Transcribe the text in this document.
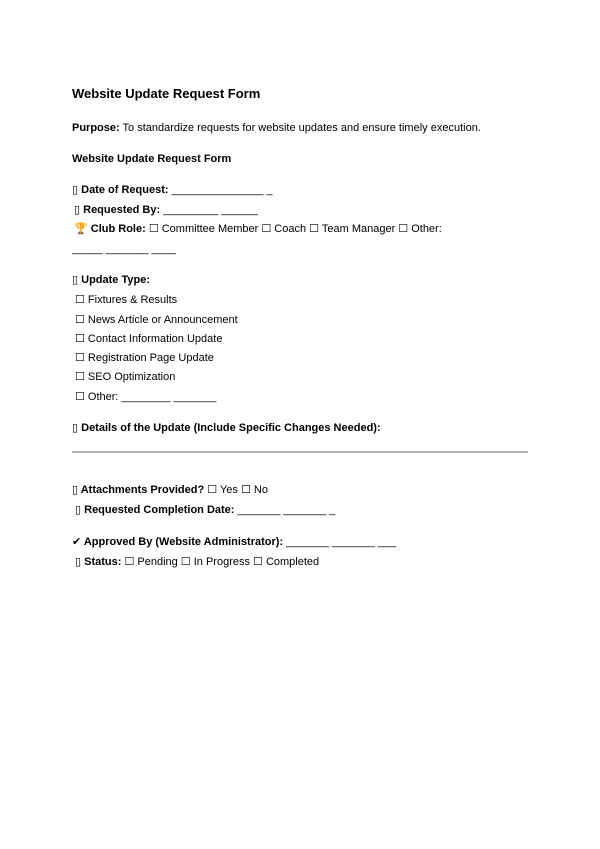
Website Update Request Form
Purpose: To standardize requests for website updates and ensure timely execution.
Website Update Request Form
▯ Date of Request: _______________ _
▯ Requested By: _________ ______
🏆 Club Role: ☐ Committee Member ☐ Coach ☐ Team Manager ☐ Other:
_____ _______ ____
▯ Update Type:
☐ Fixtures & Results
☐ News Article or Announcement
☐ Contact Information Update
☐ Registration Page Update
☐ SEO Optimization
☐ Other: ________ _______
▯ Details of the Update (Include Specific Changes Needed):
▯ Attachments Provided? ☐ Yes ☐ No
▯ Requested Completion Date: _______ _______ _
✔ Approved By (Website Administrator): _______ _______ ___
▯ Status: ☐ Pending ☐ In Progress ☐ Completed
